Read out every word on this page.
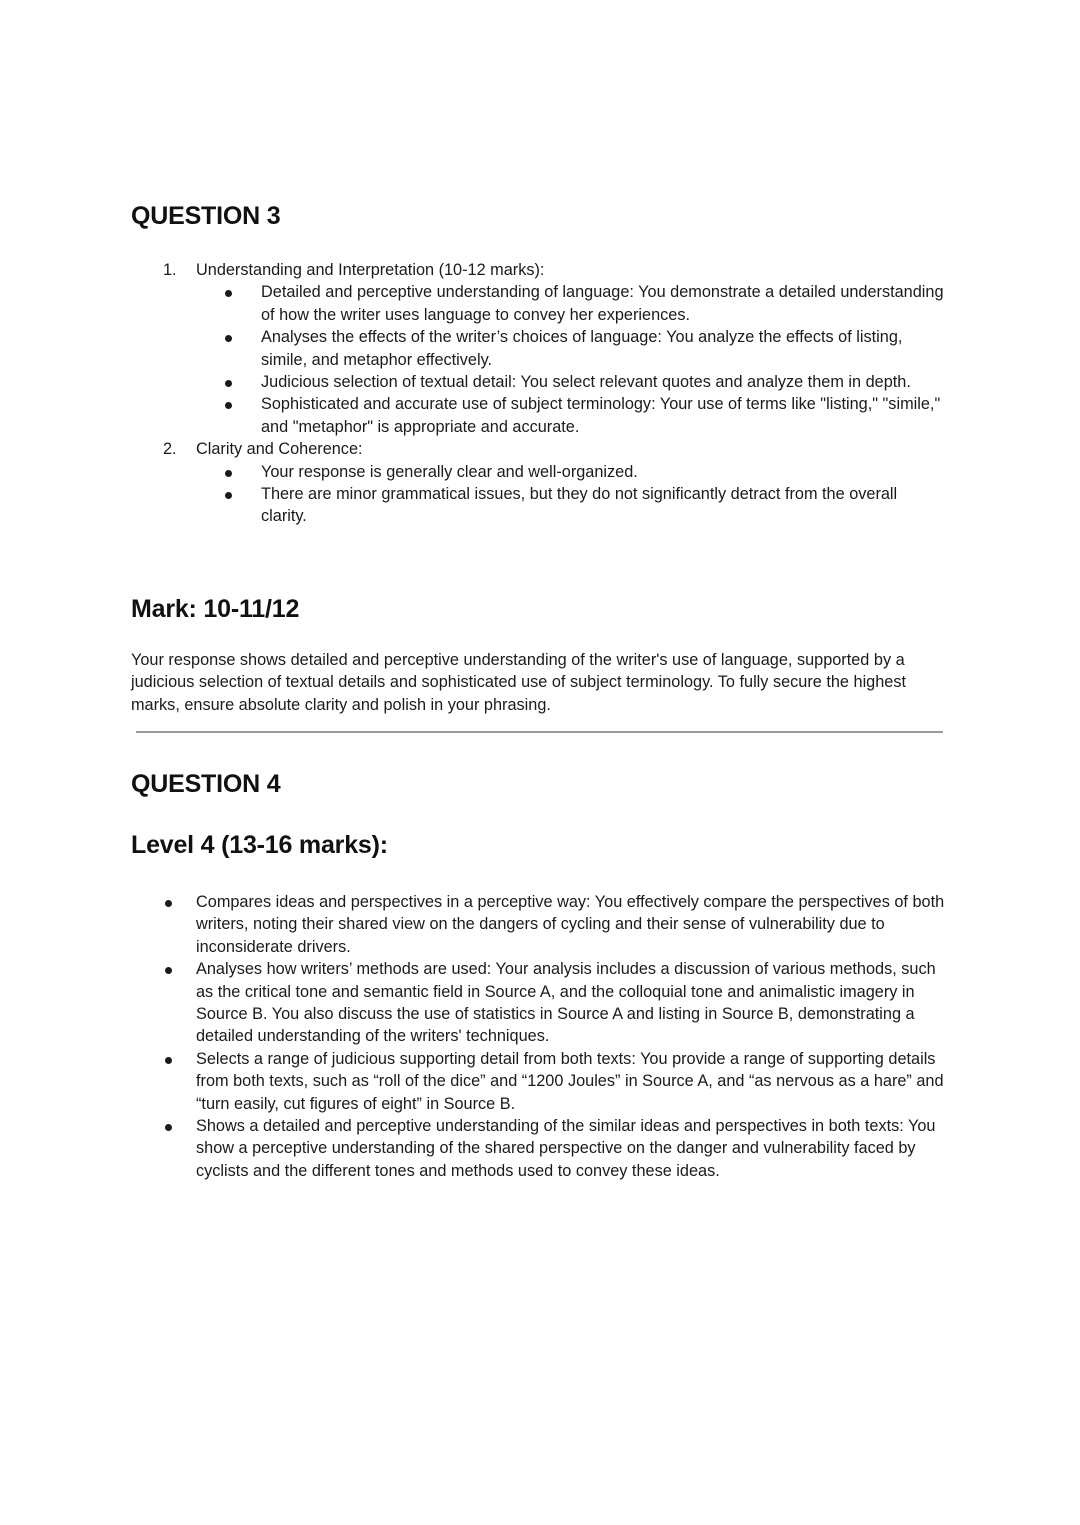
QUESTION 3
1. Understanding and Interpretation (10-12 marks):
Detailed and perceptive understanding of language: You demonstrate a detailed understanding of how the writer uses language to convey her experiences.
Analyses the effects of the writer’s choices of language: You analyze the effects of listing, simile, and metaphor effectively.
Judicious selection of textual detail: You select relevant quotes and analyze them in depth.
Sophisticated and accurate use of subject terminology: Your use of terms like "listing," "simile," and "metaphor" is appropriate and accurate.
2. Clarity and Coherence:
Your response is generally clear and well-organized.
There are minor grammatical issues, but they do not significantly detract from the overall clarity.
Mark: 10-11/12

Your response shows detailed and perceptive understanding of the writer's use of language, supported by a judicious selection of textual details and sophisticated use of subject terminology. To fully secure the highest marks, ensure absolute clarity and polish in your phrasing.

QUESTION 4
Level 4 (13-16 marks):
Compares ideas and perspectives in a perceptive way: You effectively compare the perspectives of both writers, noting their shared view on the dangers of cycling and their sense of vulnerability due to inconsiderate drivers.
Analyses how writers’ methods are used: Your analysis includes a discussion of various methods, such as the critical tone and semantic field in Source A, and the colloquial tone and animalistic imagery in Source B. You also discuss the use of statistics in Source A and listing in Source B, demonstrating a detailed understanding of the writers' techniques.
Selects a range of judicious supporting detail from both texts: You provide a range of supporting details from both texts, such as “roll of the dice” and “1200 Joules” in Source A, and “as nervous as a hare” and “turn easily, cut figures of eight” in Source B.
Shows a detailed and perceptive understanding of the similar ideas and perspectives in both texts: You show a perceptive understanding of the shared perspective on the danger and vulnerability faced by cyclists and the different tones and methods used to convey these ideas.
